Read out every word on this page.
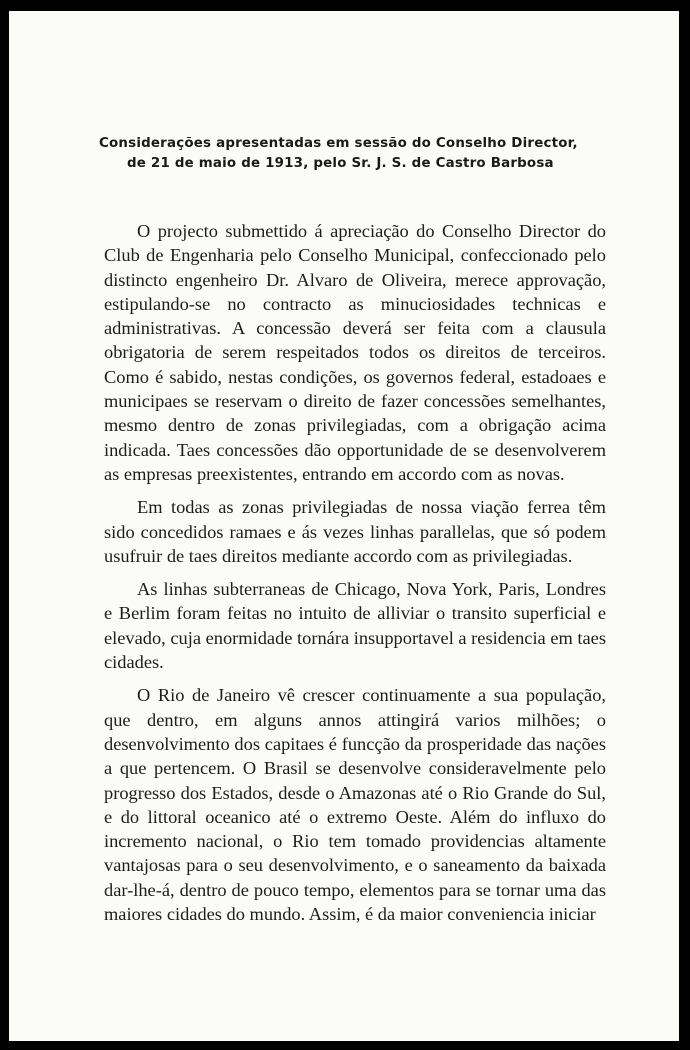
Considerações apresentadas em sessão do Conselho Director,
de 21 de maio de 1913, pelo Sr. J. S. de Castro Barbosa

O projecto submettido á apreciação do Conselho Director do Club de Engenharia pelo Conselho Municipal, confeccionado pelo distincto engenheiro Dr. Alvaro de Oliveira, merece approvação, estipulando-se no contracto as minuciosidades technicas e administrativas. A concessão deverá ser feita com a clausula obrigatoria de serem respeitados todos os direitos de terceiros. Como é sabido, nestas condições, os governos federal, estadoaes e municipaes se reservam o direito de fazer concessões semelhantes, mesmo dentro de zonas privilegiadas, com a obrigação acima indicada. Taes concessões dão opportunidade de se desenvolverem as empresas preexistentes, entrando em accordo com as novas.

Em todas as zonas privilegiadas de nossa viação ferrea têm sido concedidos ramaes e ás vezes linhas parallelas, que só podem usufruir de taes direitos mediante accordo com as privilegiadas.

As linhas subterraneas de Chicago, Nova York, Paris, Londres e Berlim foram feitas no intuito de alliviar o transito superficial e elevado, cuja enormidade tornára insupportavel a residencia em taes cidades.

O Rio de Janeiro vê crescer continuamente a sua população, que dentro, em alguns annos attingirá varios milhões; o desenvolvimento dos capitaes é funcção da prosperidade das nações a que pertencem. O Brasil se desenvolve consideravelmente pelo progresso dos Estados, desde o Amazonas até o Rio Grande do Sul, e do littoral oceanico até o extremo Oeste. Além do influxo do incremento nacional, o Rio tem tomado providencias altamente vantajosas para o seu desenvolvimento, e o saneamento da baixada dar-lhe-á, dentro de pouco tempo, elementos para se tornar uma das maiores cidades do mundo. Assim, é da maior conveniencia iniciar
